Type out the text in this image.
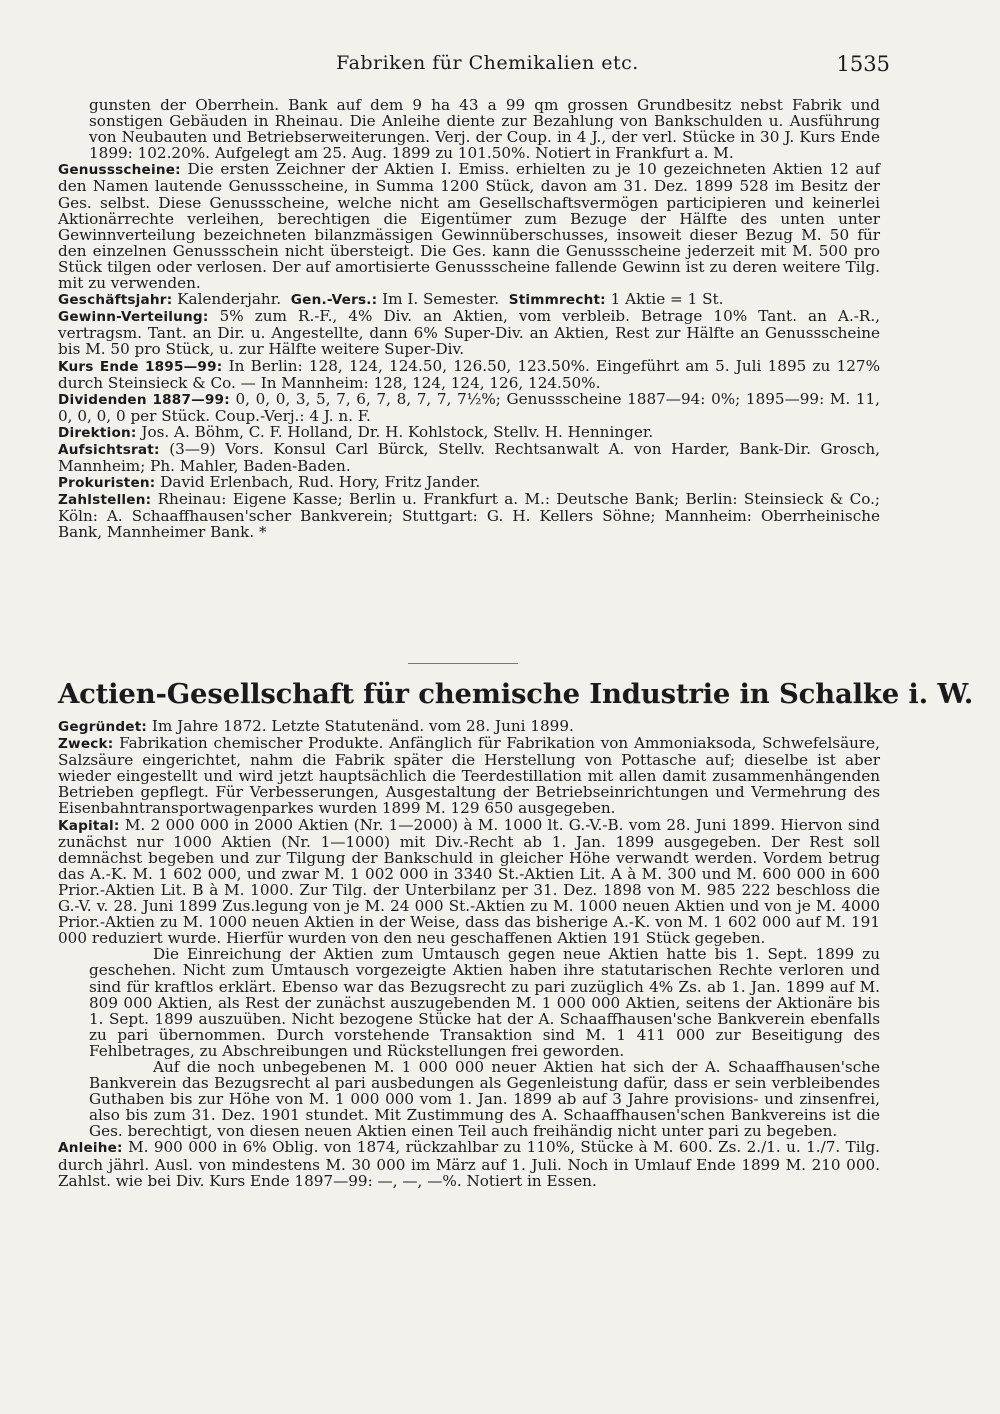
Fabriken für Chemikalien etc.	1535

gunsten der Oberrhein. Bank auf dem 9 ha 43 a 99 qm grossen Grundbesitz nebst Fabrik und sonstigen Gebäuden in Rheinau. Die Anleihe diente zur Bezahlung von Bankschulden u. Ausführung von Neubauten und Betriebserweiterungen. Verj. der Coup. in 4 J., der verl. Stücke in 30 J. Kurs Ende 1899: 102.20%. Aufgelegt am 25. Aug. 1899 zu 101.50%. Notiert in Frankfurt a. M.

Genussscheine: Die ersten Zeichner der Aktien I. Emiss. erhielten zu je 10 gezeichneten Aktien 12 auf den Namen lautende Genussscheine, in Summa 1200 Stück, davon am 31. Dez. 1899 528 im Besitz der Ges. selbst. Diese Genussscheine, welche nicht am Gesellschaftsvermögen participieren und keinerlei Aktionärrechte verleihen, berechtigen die Eigentümer zum Bezuge der Hälfte des unten unter Gewinnverteilung bezeichneten bilanzmässigen Gewinnüberschusses, insoweit dieser Bezug M. 50 für den einzelnen Genussschein nicht übersteigt. Die Ges. kann die Genussscheine jederzeit mit M. 500 pro Stück tilgen oder verlosen. Der auf amortisierte Genussscheine fallende Gewinn ist zu deren weitere Tilg. mit zu verwenden.

Geschäftsjahr: Kalenderjahr. Gen.-Vers.: Im I. Semester. Stimmrecht: 1 Aktie = 1 St.

Gewinn-Verteilung: 5% zum R.-F., 4% Div. an Aktien, vom verbleib. Betrage 10% Tant. an A.-R., vertragsm. Tant. an Dir. u. Angestellte, dann 6% Super-Div. an Aktien, Rest zur Hälfte an Genussscheine bis M. 50 pro Stück, u. zur Hälfte weitere Super-Div.

Kurs Ende 1895—99: In Berlin: 128, 124, 124.50, 126.50, 123.50%. Eingeführt am 5. Juli 1895 zu 127% durch Steinsieck & Co. — In Mannheim: 128, 124, 124, 126, 124.50%.

Dividenden 1887—99: 0, 0, 0, 3, 5, 7, 6, 7, 8, 7, 7, 7½%; Genussscheine 1887—94: 0%; 1895—99: M. 11, 0, 0, 0, 0 per Stück. Coup.-Verj.: 4 J. n. F.

Direktion: Jos. A. Böhm, C. F. Holland, Dr. H. Kohlstock, Stellv. H. Henninger.

Aufsichtsrat: (3—9) Vors. Konsul Carl Bürck, Stellv. Rechtsanwalt A. von Harder, Bank-Dir. Grosch, Mannheim; Ph. Mahler, Baden-Baden.

Prokuristen: David Erlenbach, Rud. Hory, Fritz Jander.

Zahlstellen: Rheinau: Eigene Kasse; Berlin u. Frankfurt a. M.: Deutsche Bank; Berlin: Steinsieck & Co.; Köln: A. Schaaffhausen'scher Bankverein; Stuttgart: G. H. Kellers Söhne; Mannheim: Oberrheinische Bank, Mannheimer Bank. *

Actien-Gesellschaft für chemische Industrie in Schalke i. W.

Gegründet: Im Jahre 1872. Letzte Statutenänd. vom 28. Juni 1899.

Zweck: Fabrikation chemischer Produkte. Anfänglich für Fabrikation von Ammoniaksoda, Schwefelsäure, Salzsäure eingerichtet, nahm die Fabrik später die Herstellung von Pottasche auf; dieselbe ist aber wieder eingestellt und wird jetzt hauptsächlich die Teerdestillation mit allen damit zusammenhängenden Betrieben gepflegt. Für Verbesserungen, Ausgestaltung der Betriebseinrichtungen und Vermehrung des Eisenbahntransportwagenparkes wurden 1899 M. 129 650 ausgegeben.

Kapital: M. 2 000 000 in 2000 Aktien (Nr. 1—2000) à M. 1000 lt. G.-V.-B. vom 28. Juni 1899. Hiervon sind zunächst nur 1000 Aktien (Nr. 1—1000) mit Div.-Recht ab 1. Jan. 1899 ausgegeben. Der Rest soll demnächst begeben und zur Tilgung der Bankschuld in gleicher Höhe verwandt werden. Vordem betrug das A.-K. M. 1 602 000, und zwar M. 1 002 000 in 3340 St.-Aktien Lit. A à M. 300 und M. 600 000 in 600 Prior.-Aktien Lit. B à M. 1000. Zur Tilg. der Unterbilanz per 31. Dez. 1898 von M. 985 222 beschloss die G.-V. v. 28. Juni 1899 Zus.legung von je M. 24 000 St.-Aktien zu M. 1000 neuen Aktien und von je M. 4000 Prior.-Aktien zu M. 1000 neuen Aktien in der Weise, dass das bisherige A.-K. von M. 1 602 000 auf M. 191 000 reduziert wurde. Hierfür wurden von den neu geschaffenen Aktien 191 Stück gegeben.

Die Einreichung der Aktien zum Umtausch gegen neue Aktien hatte bis 1. Sept. 1899 zu geschehen. Nicht zum Umtausch vorgezeigte Aktien haben ihre statutarischen Rechte verloren und sind für kraftlos erklärt. Ebenso war das Bezugsrecht zu pari zuzüglich 4% Zs. ab 1. Jan. 1899 auf M. 809 000 Aktien, als Rest der zunächst auszugebenden M. 1 000 000 Aktien, seitens der Aktionäre bis 1. Sept. 1899 auszuüben. Nicht bezogene Stücke hat der A. Schaaffhausen'sche Bankverein ebenfalls zu pari übernommen. Durch vorstehende Transaktion sind M. 1 411 000 zur Beseitigung des Fehlbetrages, zu Abschreibungen und Rückstellungen frei geworden.

Auf die noch unbegebenen M. 1 000 000 neuer Aktien hat sich der A. Schaaffhausen'sche Bankverein das Bezugsrecht al pari ausbedungen als Gegenleistung dafür, dass er sein verbleibendes Guthaben bis zur Höhe von M. 1 000 000 vom 1. Jan. 1899 ab auf 3 Jahre provisions- und zinsenfrei, also bis zum 31. Dez. 1901 stundet. Mit Zustimmung des A. Schaaffhausen'schen Bankvereins ist die Ges. berechtigt, von diesen neuen Aktien einen Teil auch freihändig nicht unter pari zu begeben.

Anleihe: M. 900 000 in 6% Oblig. von 1874, rückzahlbar zu 110%, Stücke à M. 600. Zs. 2./1. u. 1./7. Tilg. durch jährl. Ausl. von mindestens M. 30 000 im März auf 1. Juli. Noch in Umlauf Ende 1899 M. 210 000. Zahlst. wie bei Div. Kurs Ende 1897—99: —, —, —%. Notiert in Essen.
